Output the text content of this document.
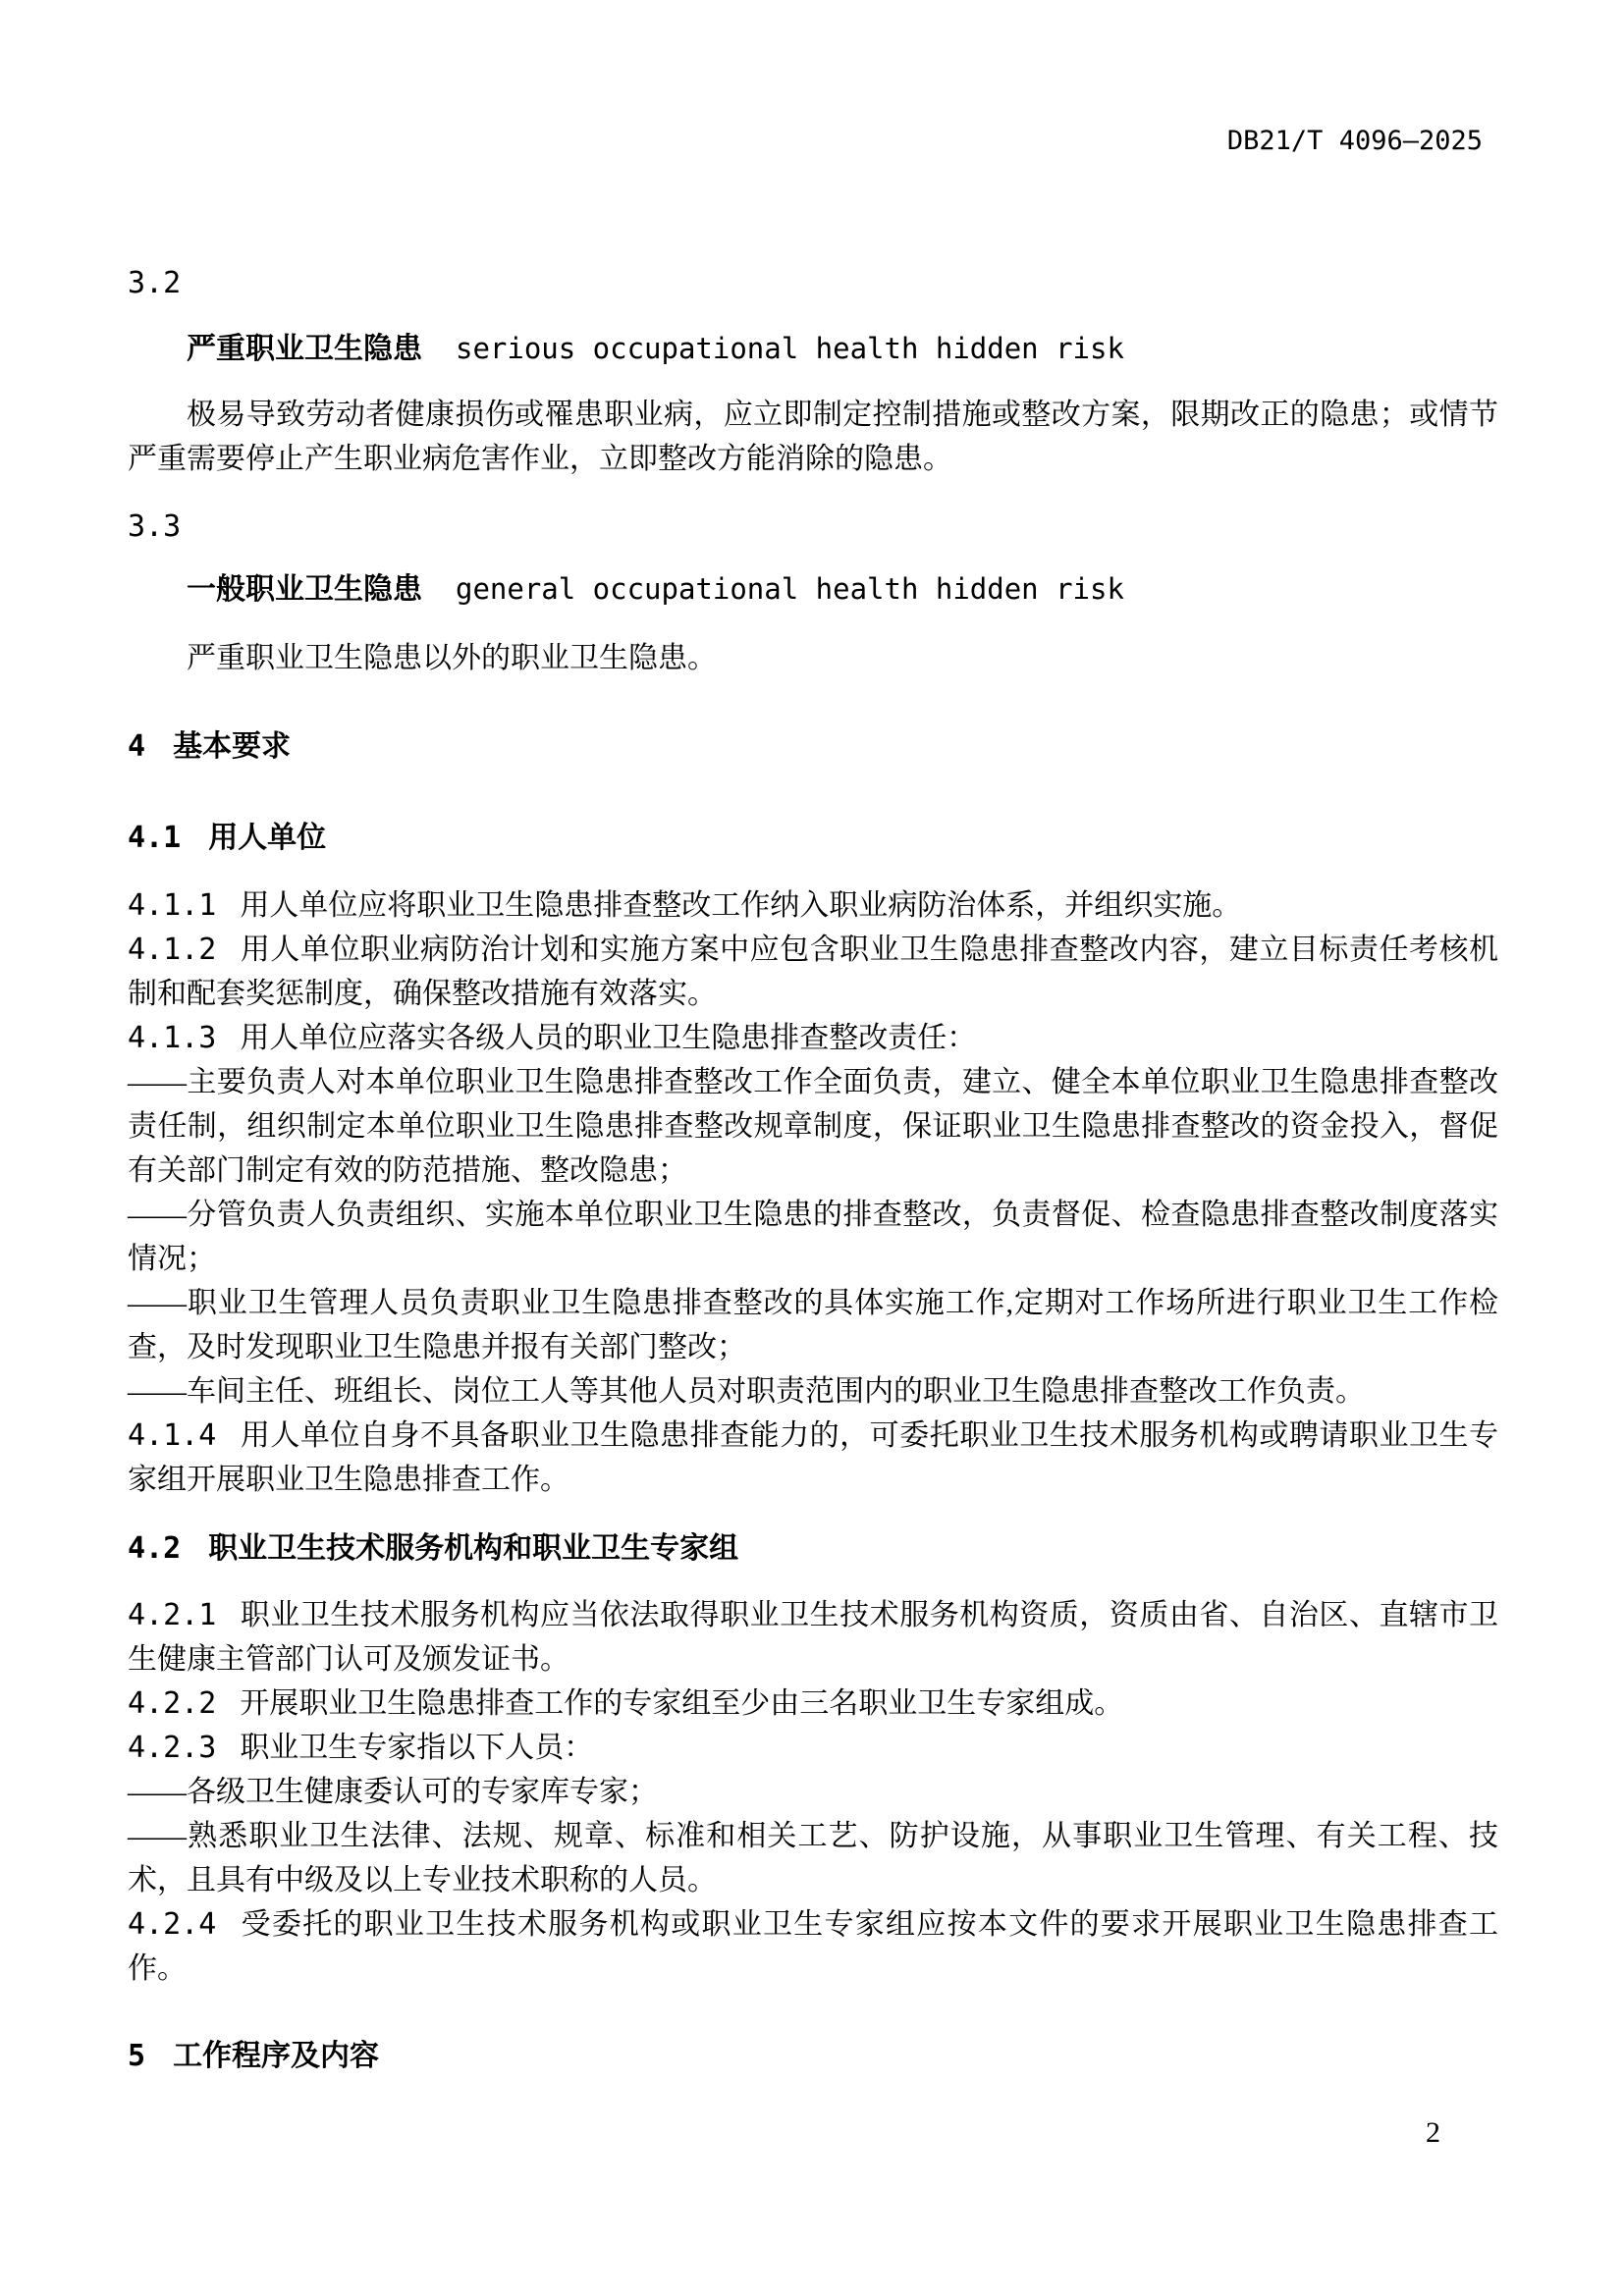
DB21/T 4096—2025

3.2

严重职业卫生隐患 serious occupational health hidden risk

极易导致劳动者健康损伤或罹患职业病，应立即制定控制措施或整改方案，限期改正的隐患；或情节严重需要停止产生职业病危害作业，立即整改方能消除的隐患。

3.3

一般职业卫生隐患 general occupational health hidden risk

严重职业卫生隐患以外的职业卫生隐患。

4 基本要求

4.1 用人单位

4.1.1 用人单位应将职业卫生隐患排查整改工作纳入职业病防治体系，并组织实施。

4.1.2 用人单位职业病防治计划和实施方案中应包含职业卫生隐患排查整改内容，建立目标责任考核机制和配套奖惩制度，确保整改措施有效落实。

4.1.3 用人单位应落实各级人员的职业卫生隐患排查整改责任：

——主要负责人对本单位职业卫生隐患排查整改工作全面负责，建立、健全本单位职业卫生隐患排查整改责任制，组织制定本单位职业卫生隐患排查整改规章制度，保证职业卫生隐患排查整改的资金投入，督促有关部门制定有效的防范措施、整改隐患；

——分管负责人负责组织、实施本单位职业卫生隐患的排查整改，负责督促、检查隐患排查整改制度落实情况；

——职业卫生管理人员负责职业卫生隐患排查整改的具体实施工作,定期对工作场所进行职业卫生工作检查，及时发现职业卫生隐患并报有关部门整改；

——车间主任、班组长、岗位工人等其他人员对职责范围内的职业卫生隐患排查整改工作负责。

4.1.4 用人单位自身不具备职业卫生隐患排查能力的，可委托职业卫生技术服务机构或聘请职业卫生专家组开展职业卫生隐患排查工作。

4.2 职业卫生技术服务机构和职业卫生专家组

4.2.1 职业卫生技术服务机构应当依法取得职业卫生技术服务机构资质，资质由省、自治区、直辖市卫生健康主管部门认可及颁发证书。

4.2.2 开展职业卫生隐患排查工作的专家组至少由三名职业卫生专家组成。

4.2.3 职业卫生专家指以下人员：

——各级卫生健康委认可的专家库专家；

——熟悉职业卫生法律、法规、规章、标准和相关工艺、防护设施，从事职业卫生管理、有关工程、技术，且具有中级及以上专业技术职称的人员。

4.2.4 受委托的职业卫生技术服务机构或职业卫生专家组应按本文件的要求开展职业卫生隐患排查工作。

5 工作程序及内容

2
